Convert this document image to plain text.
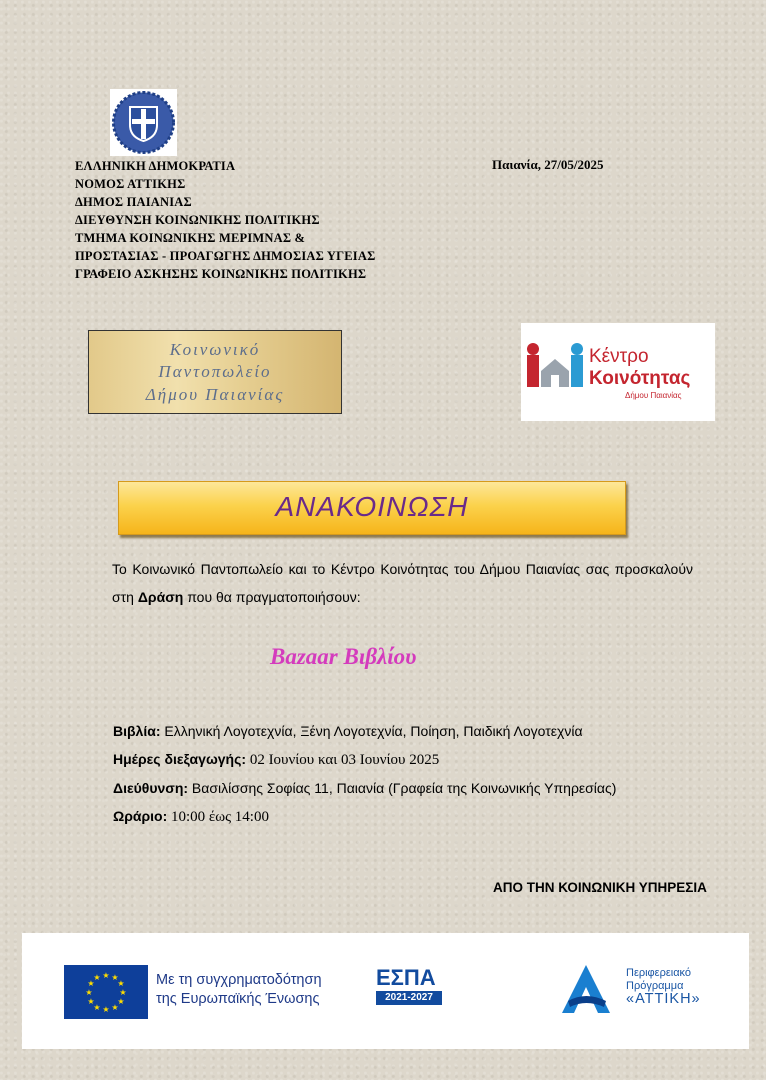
ΕΛΛΗΝΙΚΗ ΔΗΜΟΚΡΑΤΙΑ
ΝΟΜΟΣ ΑΤΤΙΚΗΣ
ΔΗΜΟΣ ΠΑΙΑΝΙΑΣ
ΔΙΕΥΘΥΝΣΗ ΚΟΙΝΩΝΙΚΗΣ ΠΟΛΙΤΙΚΗΣ
ΤΜΗΜΑ ΚΟΙΝΩΝΙΚΗΣ ΜΕΡΙΜΝΑΣ &
ΠΡΟΣΤΑΣΙΑΣ - ΠΡΟΑΓΩΓΗΣ ΔΗΜΟΣΙΑΣ ΥΓΕΙΑΣ
ΓΡΑΦΕΙΟ ΑΣΚΗΣΗΣ ΚΟΙΝΩΝΙΚΗΣ ΠΟΛΙΤΙΚΗΣ
Παιανία, 27/05/2025
Κοινωνικό
Παντοπωλείο
Δήμου Παιανίας
Κέντρο
Κοινότητας
Δήμου Παιανίας
ΑΝΑΚΟΙΝΩΣΗ
Το Κοινωνικό Παντοπωλείο και το Κέντρο Κοινότητας του Δήμου Παιανίας σας προσκαλούν στη Δράση που θα πραγματοποιήσουν:
Bazaar Βιβλίου
Βιβλία: Ελληνική Λογοτεχνία, Ξένη Λογοτεχνία, Ποίηση, Παιδική Λογοτεχνία
Ημέρες διεξαγωγής: 02 Ιουνίου και 03 Ιουνίου 2025
Διεύθυνση: Βασιλίσσης Σοφίας 11, Παιανία (Γραφεία της Κοινωνικής Υπηρεσίας)
Ωράριο: 10:00 έως 14:00
ΑΠΟ ΤΗΝ ΚΟΙΝΩΝΙΚΗ ΥΠΗΡΕΣΙΑ
★ ★
★
★
★
★
★
★
★
★
★
★	Με τη συγχρηματοδότηση
της Ευρωπαϊκής Ένωσης
ΕΣΠΑ
2021-2027
Περιφερειακό
Πρόγραμμα
«ΑΤΤΙΚΗ»
